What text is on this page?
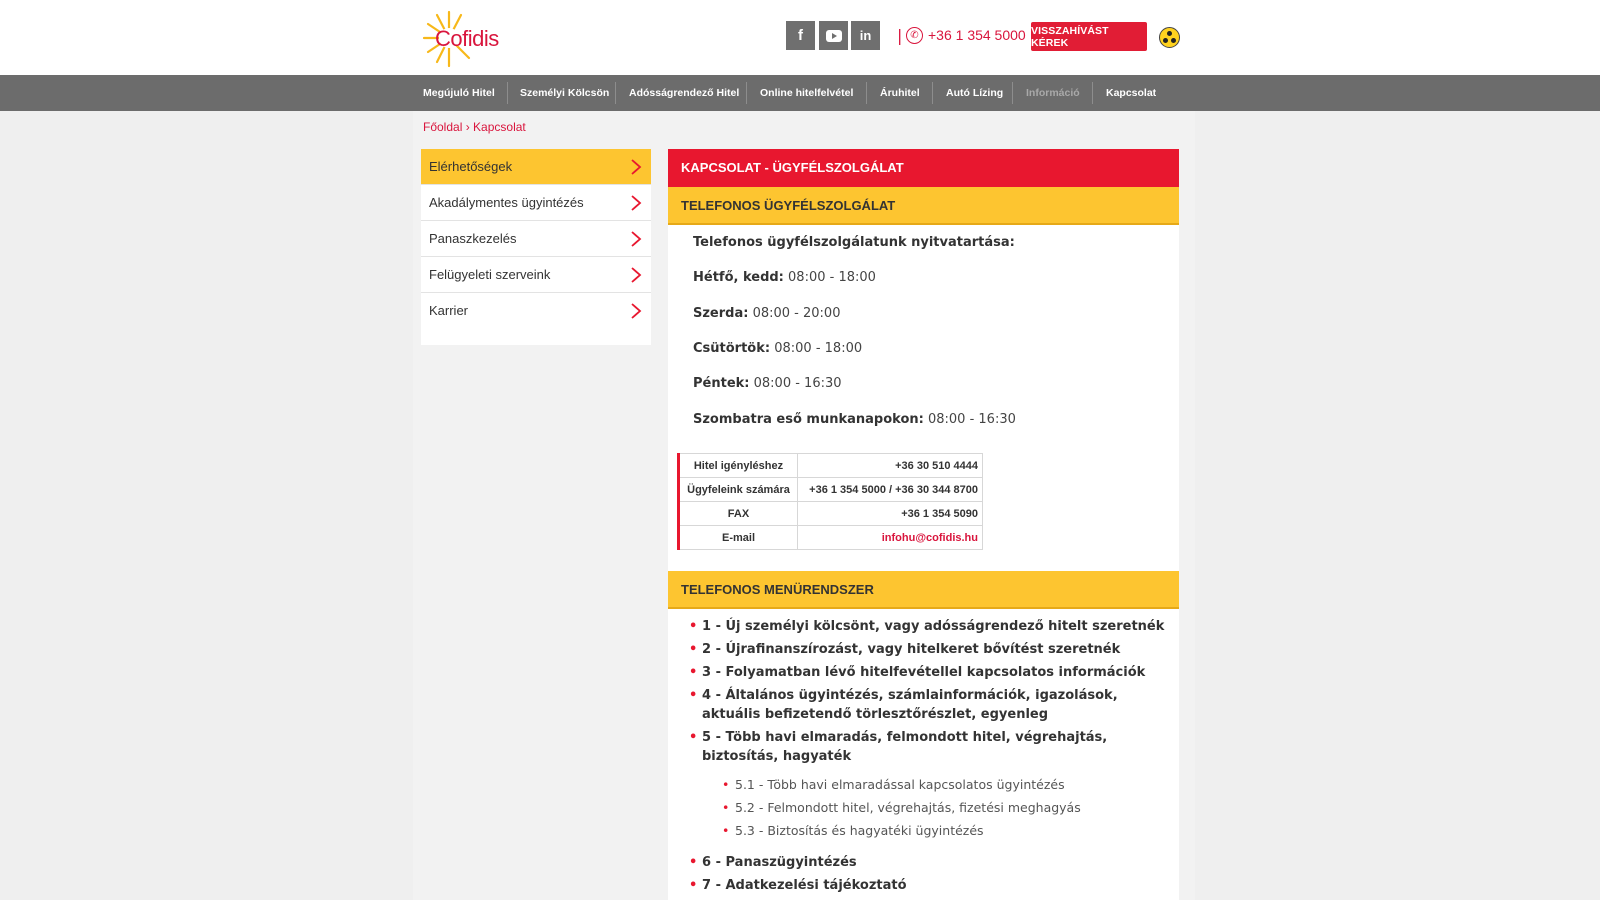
Cofidis	f	in | ✆ +36 1 354 5000 VISSZAHÍVÁST KÉREK
Megújuló Hitel Személyi Kölcsön Adósságrendező Hitel Online hitelfelvétel	Áruhitel	Autó Lízing Információ	Kapcsolat
Főoldal › Kapcsolat
Elérhetőségek
Akadálymentes ügyintézés
Panaszkezelés
Felügyeleti szerveink
Karrier
KAPCSOLAT - ÜGYFÉLSZOLGÁLAT
TELEFONOS ÜGYFÉLSZOLGÁLAT
Telefonos ügyfélszolgálatunk nyitvatartása:
Hétfő, kedd: 08:00 - 18:00
Szerda: 08:00 - 20:00
Csütörtök: 08:00 - 18:00
Péntek: 08:00 - 16:30
Szombatra eső munkanapokon: 08:00 - 16:30
Hitel igényléshez	+36 30 510 4444
Ügyfeleink számára	+36 1 354 5000 / +36 30 344 8700
FAX	+36 1 354 5090
E-mail	infohu@cofidis.hu
TELEFONOS MENÜRENDSZER
• 1 - Új személyi kölcsönt, vagy adósságrendező hitelt szeretnék
• 2 - Újrafinanszírozást, vagy hitelkeret bővítést szeretnék
• 3 - Folyamatban lévő hitelfevétellel kapcsolatos információk
• 4 - Általános ügyintézés, számlainformációk, igazolások, aktuális befizetendő törlesztőrészlet, egyenleg
• 5 - Több havi elmaradás, felmondott hitel, végrehajtás, biztosítás, hagyaték
• 5.1 - Több havi elmaradással kapcsolatos ügyintézés
• 5.2 - Felmondott hitel, végrehajtás, fizetési meghagyás
• 5.3 - Biztosítás és hagyatéki ügyintézés
• 6 - Panaszügyintézés
• 7 - Adatkezelési tájékoztató
